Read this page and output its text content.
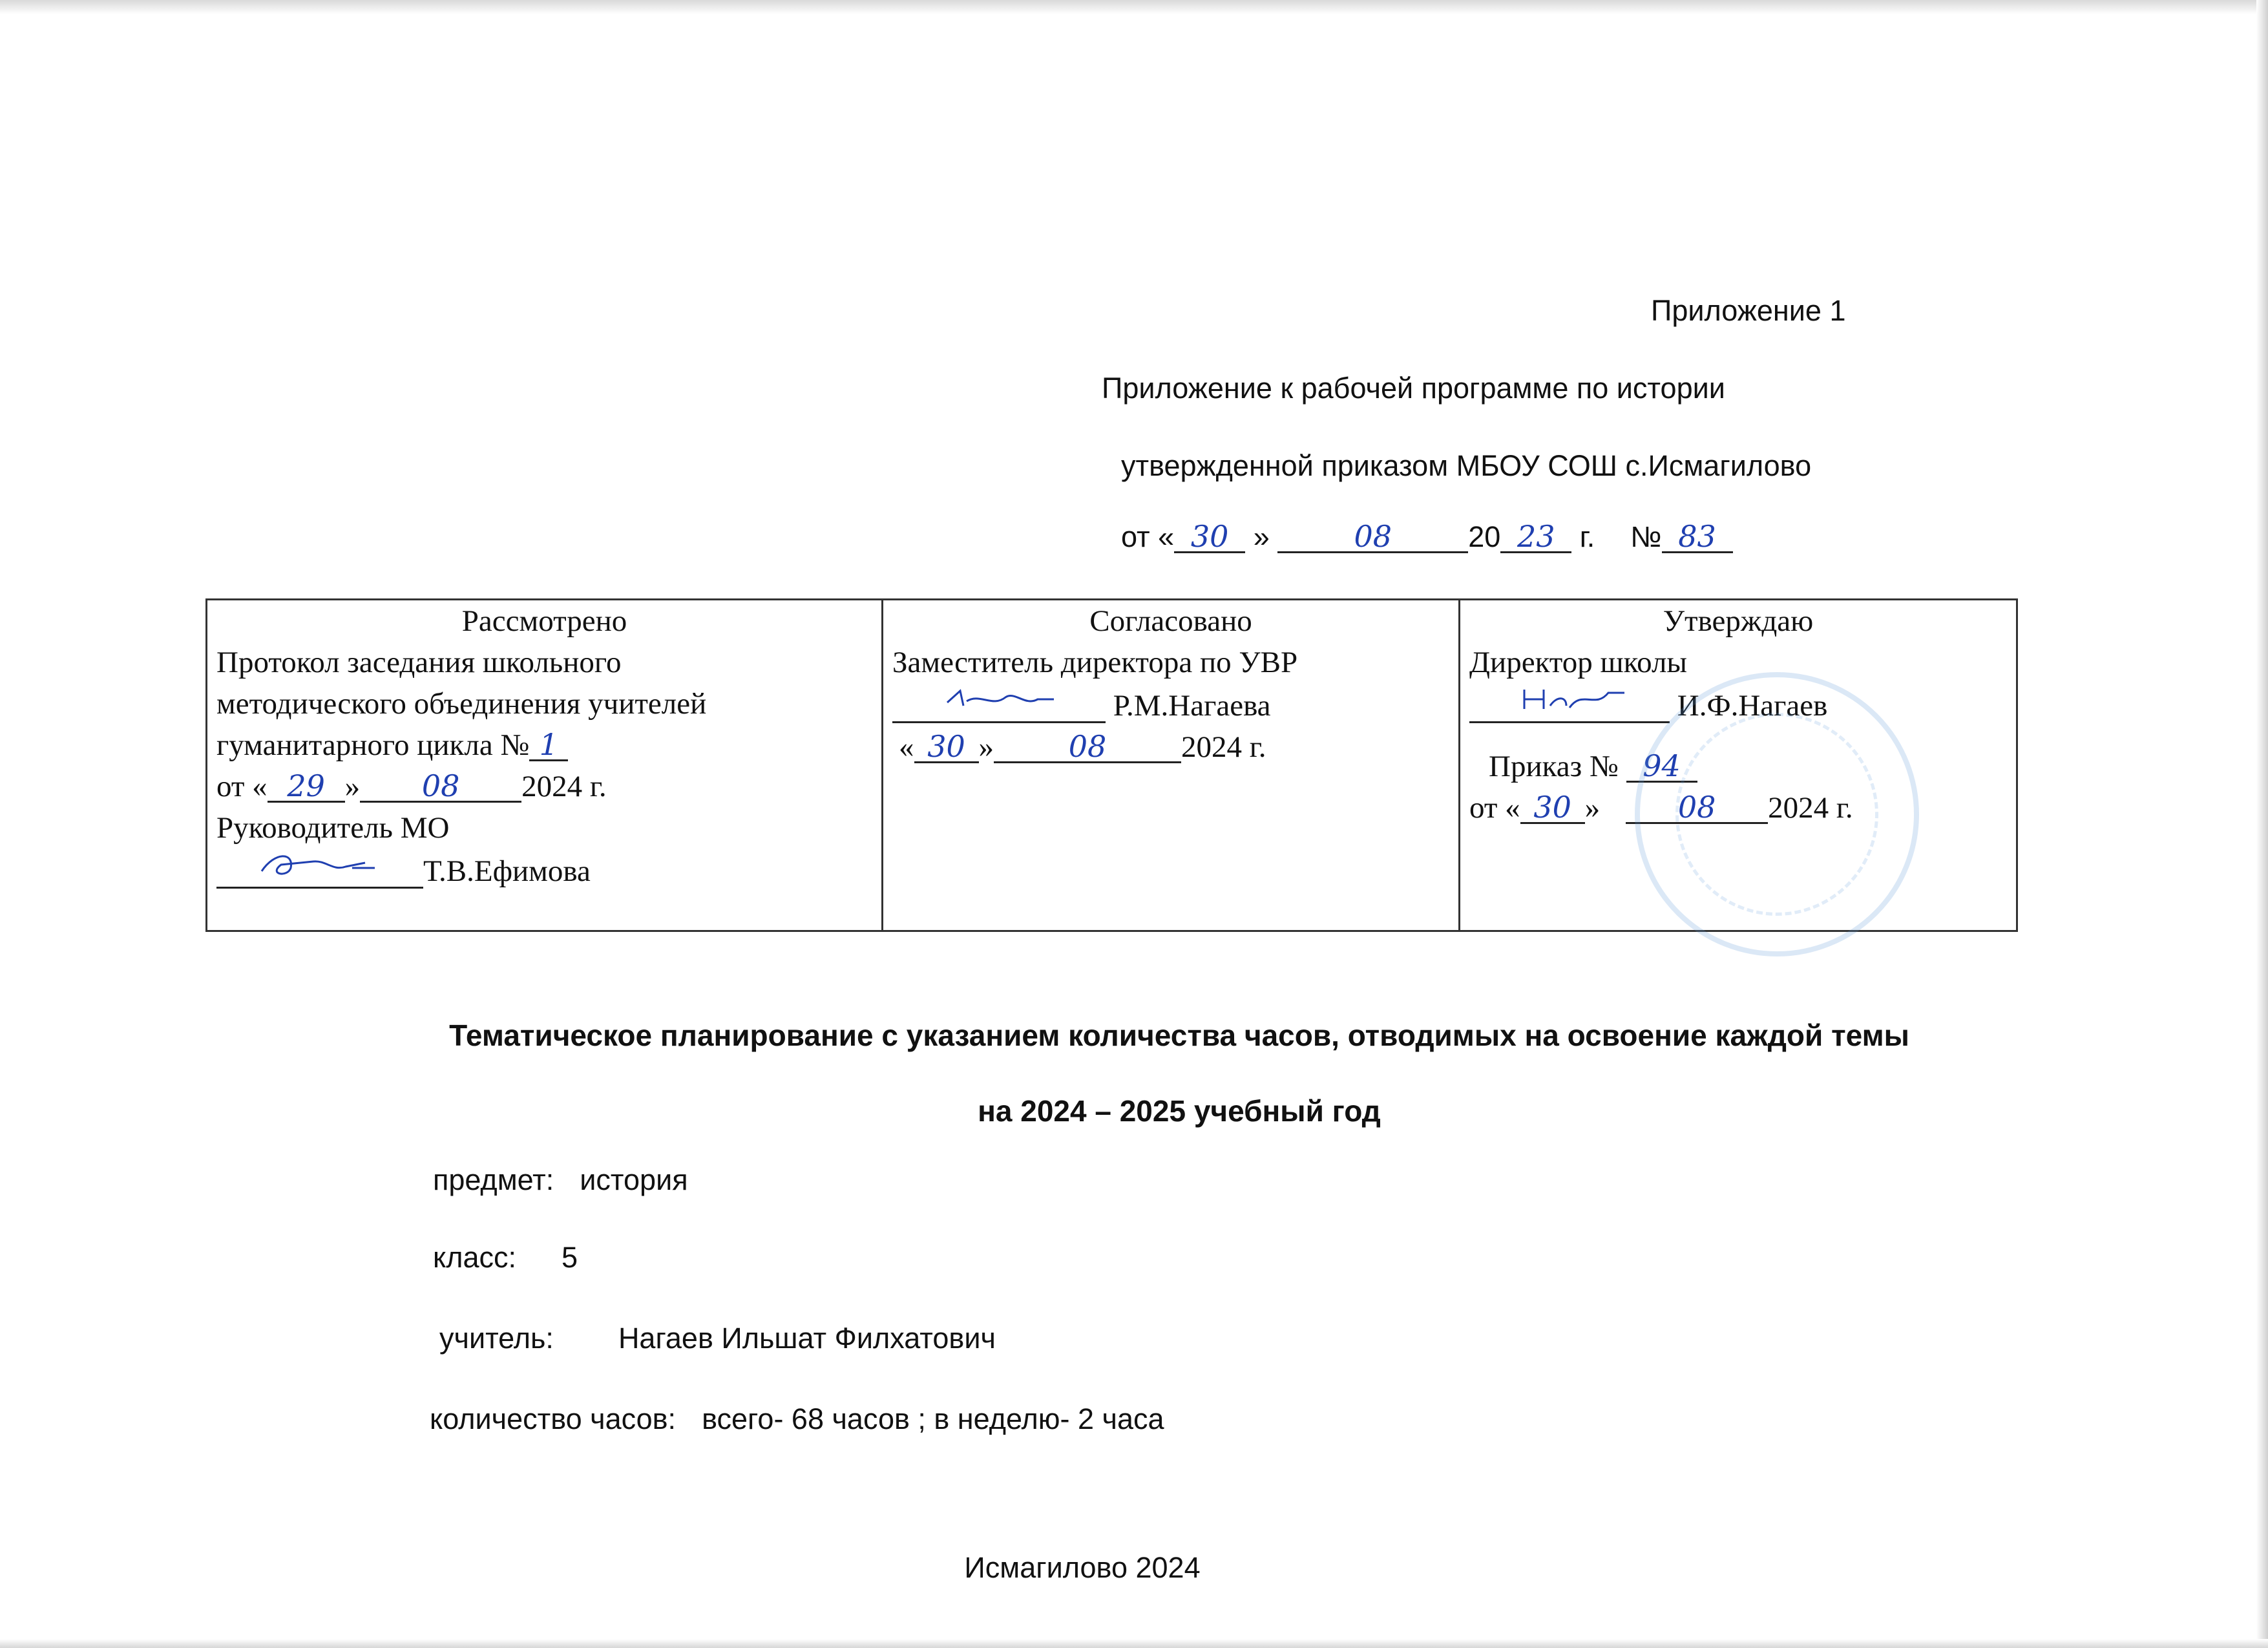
Приложение 1
Приложение к рабочей программе по истории
утвержденной приказом МБОУ СОШ с.Исмагилово
от « 30 »	08	20 23 г. № 83
Рассмотрено
Протокол заседания школьного
методического объединения учителей
гуманитарного цикла № 1
от « 29 » 08 2024 г.
Руководитель МО
Т.В.Ефимова
Согласовано
Заместитель директора по УВР
Р.М.Нагаева
« 30 »	08 2024 г.
Утверждаю
Директор школы
И.Ф.Нагаев
Приказ № 94
от « 30 »	08 2024 г.
Тематическое планирование с указанием количества часов, отводимых на освоение каждой темы
на 2024 – 2025 учебный год
предмет: история
класс: 5
учитель: Нагаев Ильшат Филхатович
количество часов: всего- 68 часов ; в неделю- 2 часа
Исмагилово 2024
